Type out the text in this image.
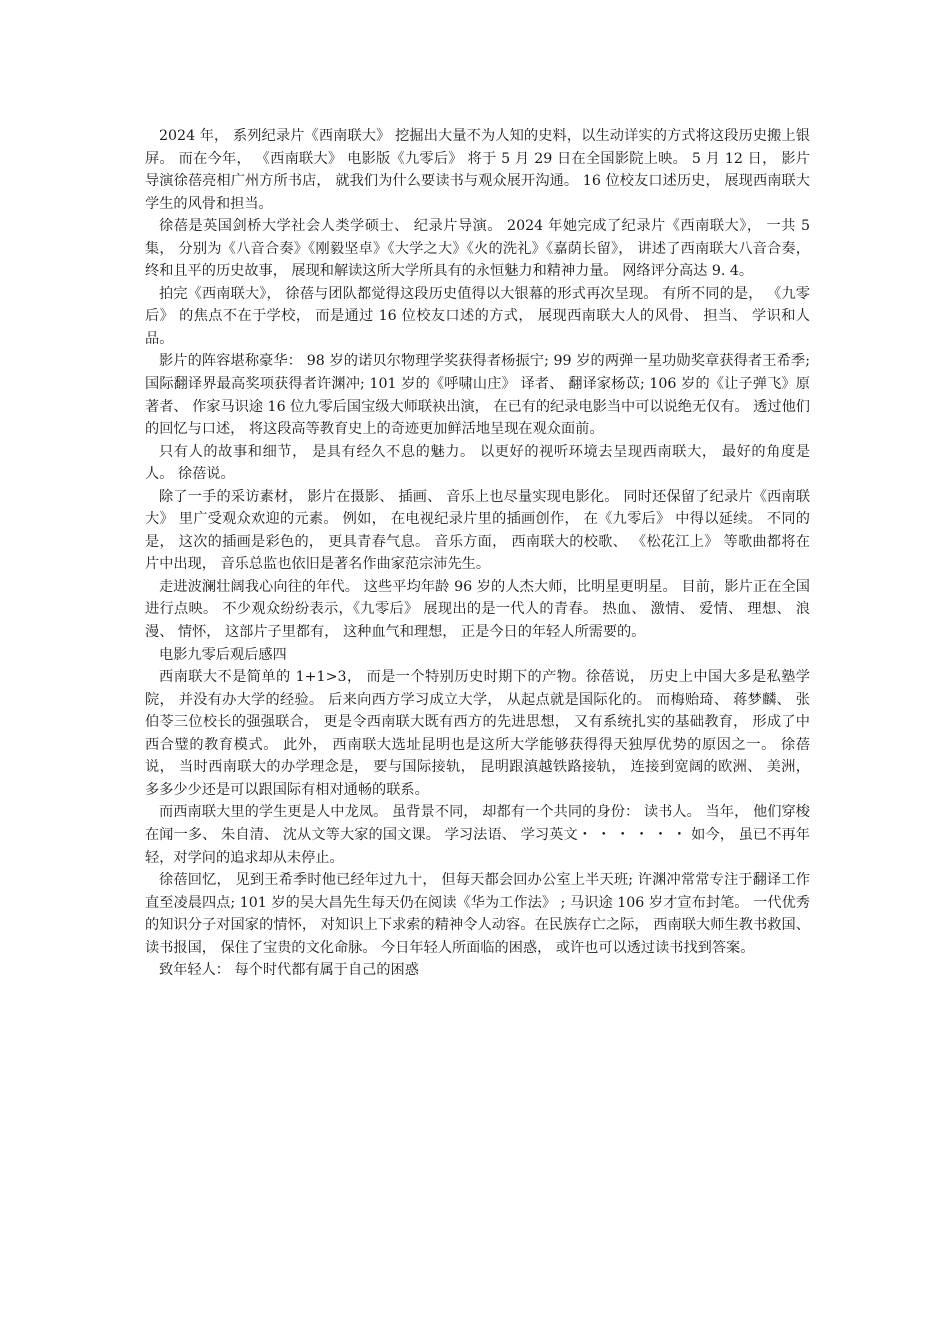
2024 年， 系列纪录片《西南联大》 挖掘出大量不为人知的史料，以生动详实的方式将这段历史搬上银屏。 而在今年， 《西南联大》 电影版《九零后》 将于 5 月 29 日在全国影院上映。 5 月 12 日， 影片导演徐蓓亮相广州方所书店， 就我们为什么要读书与观众展开沟通。 16 位校友口述历史， 展现西南联大学生的风骨和担当。

徐蓓是英国剑桥大学社会人类学硕士、 纪录片导演。 2024 年她完成了纪录片《西南联大》， 一共 5 集， 分别为《八音合奏》《刚毅坚卓》《大学之大》《火的洗礼》《嘉荫长留》， 讲述了西南联大八音合奏，终和且平的历史故事， 展现和解读这所大学所具有的永恒魅力和精神力量。 网络评分高达 9. 4。

拍完《西南联大》， 徐蓓与团队都觉得这段历史值得以大银幕的形式再次呈现。 有所不同的是， 《九零后》 的焦点不在于学校， 而是通过 16 位校友口述的方式， 展现西南联大人的风骨、 担当、 学识和人品。

影片的阵容堪称豪华： 98 岁的诺贝尔物理学奖获得者杨振宁; 99 岁的两弹一星功勋奖章获得者王希季; 国际翻译界最高奖项获得者许渊冲; 101 岁的《呼啸山庄》 译者、 翻译家杨苡; 106 岁的《让子弹飞》原著者、 作家马识途 16 位九零后国宝级大师联袂出演， 在已有的纪录电影当中可以说绝无仅有。 透过他们的回忆与口述， 将这段高等教育史上的奇迹更加鲜活地呈现在观众面前。

只有人的故事和细节， 是具有经久不息的魅力。 以更好的视听环境去呈现西南联大， 最好的角度是人。 徐蓓说。

除了一手的采访素材， 影片在摄影、 插画、 音乐上也尽量实现电影化。 同时还保留了纪录片《西南联大》 里广受观众欢迎的元素。 例如， 在电视纪录片里的插画创作， 在《九零后》 中得以延续。 不同的是， 这次的插画是彩色的， 更具青春气息。 音乐方面， 西南联大的校歌、 《松花江上》 等歌曲都将在片中出现， 音乐总监也依旧是著名作曲家范宗沛先生。

走进波澜壮阔我心向往的年代。 这些平均年龄 96 岁的人杰大师，比明星更明星。 目前，影片正在全国进行点映。 不少观众纷纷表示，《九零后》 展现出的是一代人的青春。 热血、 激情、 爱情、 理想、 浪漫、 情怀， 这部片子里都有， 这种血气和理想， 正是今日的年轻人所需要的。

电影九零后观后感四

西南联大不是简单的 1+1>3， 而是一个特别历史时期下的产物。徐蓓说， 历史上中国大多是私塾学院， 并没有办大学的经验。 后来向西方学习成立大学， 从起点就是国际化的。 而梅贻琦、 蒋梦麟、 张伯苓三位校长的强强联合， 更是令西南联大既有西方的先进思想， 又有系统扎实的基础教育， 形成了中西合璧的教育模式。 此外， 西南联大选址昆明也是这所大学能够获得得天独厚优势的原因之一。 徐蓓说， 当时西南联大的办学理念是， 要与国际接轨， 昆明跟滇越铁路接轨， 连接到宽阔的欧洲、 美洲， 多多少少还是可以跟国际有相对通畅的联系。

而西南联大里的学生更是人中龙凤。 虽背景不同， 却都有一个共同的身份： 读书人。 当年， 他们穿梭在闻一多、 朱自清、 沈从文等大家的国文课。 学习法语、 学习英文・ ・ ・ ・ ・ ・ 如今， 虽已不再年轻，对学问的追求却从未停止。

徐蓓回忆， 见到王希季时他已经年过九十， 但每天都会回办公室上半天班; 许渊冲常常专注于翻译工作直至凌晨四点; 101 岁的吴大昌先生每天仍在阅读《华为工作法》 ; 马识途 106 岁才宣布封笔。 一代优秀的知识分子对国家的情怀， 对知识上下求索的精神令人动容。在民族存亡之际， 西南联大师生教书救国、 读书报国， 保住了宝贵的文化命脉。 今日年轻人所面临的困惑， 或许也可以透过读书找到答案。

致年轻人： 每个时代都有属于自己的困惑
